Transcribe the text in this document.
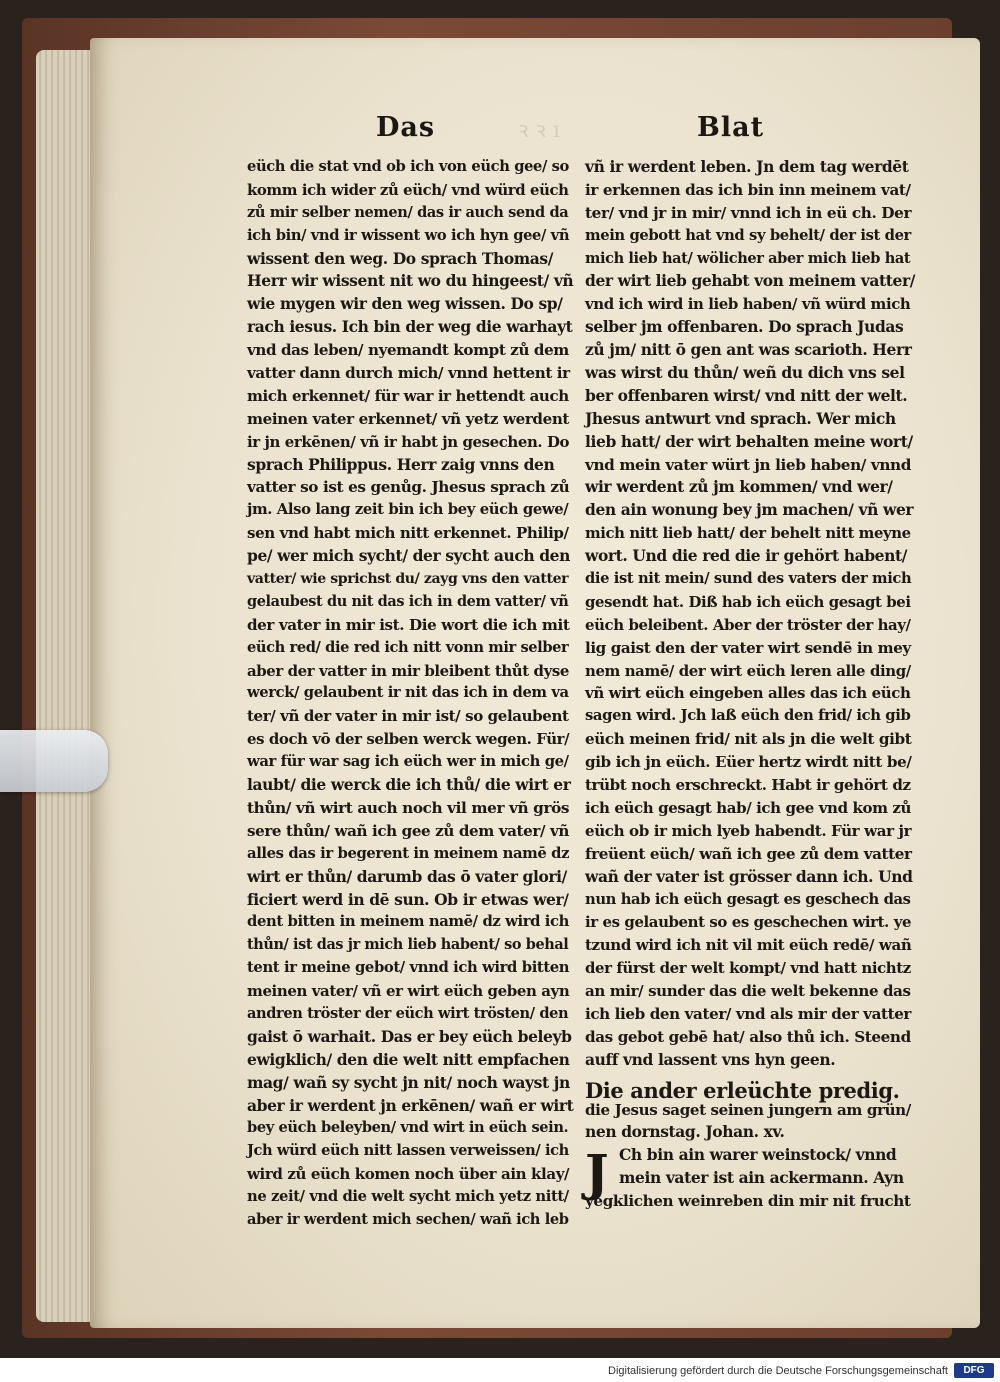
Das	ꝛ ꝛ ı	Blat
eüch die stat vnd ob ich von eüch gee/ so
komm ich wider zů eüch/ vnd würd eüch
zů mir selber nemen/ das ir auch send da
ich bin/ vnd ir wissent wo ich hyn gee/ vñ
wissent den weg. Do sprach Thomas/
Herr wir wissent nit wo du hingeest/ vñ
wie mygen wir den weg wissen. Do sp/
rach iesus. Ich bin der weg die warhayt
vnd das leben/ nyemandt kompt zů dem
vatter dann durch mich/ vnnd hettent ir
mich erkennet/ für war ir hettendt auch
meinen vater erkennet/ vñ yetz werdent
ir jn erkēnen/ vñ ir habt jn gesechen. Do
sprach Philippus. Herr zaig vnns den
vatter so ist es genůg. Jhesus sprach zů
jm. Also lang zeit bin ich bey eüch gewe/
sen vnd habt mich nitt erkennet. Philip/
pe/ wer mich sycht/ der sycht auch den
vatter/ wie sprichst du/ zayg vns den vatter
gelaubest du nit das ich in dem vatter/ vñ
der vater in mir ist. Die wort die ich mit
eüch red/ die red ich nitt vonn mir selber
aber der vatter in mir bleibent thůt dyse
werck/ gelaubent ir nit das ich in dem va
ter/ vñ der vater in mir ist/ so gelaubent
es doch vō der selben werck wegen. Für/
war für war sag ich eüch wer in mich ge/
laubt/ die werck die ich thů/ die wirt er
thůn/ vñ wirt auch noch vil mer vñ grös
sere thůn/ wañ ich gee zů dem vater/ vñ
alles das ir begerent in meinem namē dz
wirt er thůn/ darumb das ō vater glori/
ficiert werd in dē sun. Ob ir etwas wer/
dent bitten in meinem namē/ dz wird ich
thůn/ ist das jr mich lieb habent/ so behal
tent ir meine gebot/ vnnd ich wird bitten
meinen vater/ vñ er wirt eüch geben ayn
andren tröster der eüch wirt trösten/ den
gaist ō warhait. Das er bey eüch beleyb
ewigklich/ den die welt nitt empfachen
mag/ wañ sy sycht jn nit/ noch wayst jn
aber ir werdent jn erkēnen/ wañ er wirt
bey eüch beleyben/ vnd wirt in eüch sein.
Jch würd eüch nitt lassen verweissen/ ich
wird zů eüch komen noch über ain klay/
ne zeit/ vnd die welt sycht mich yetz nitt/
aber ir werdent mich sechen/ wañ ich leb
vñ ir werdent leben. Jn dem tag werdēt
ir erkennen das ich bin inn meinem vat/
ter/ vnd jr in mir/ vnnd ich in eü ch. Der
mein gebott hat vnd sy behelt/ der ist der
mich lieb hat/ wölicher aber mich lieb hat
der wirt lieb gehabt von meinem vatter/
vnd ich wird in lieb haben/ vñ würd mich
selber jm offenbaren. Do sprach Judas
zů jm/ nitt ō gen ant was scarioth. Herr
was wirst du thůn/ weñ du dich vns sel
ber offenbaren wirst/ vnd nitt der welt.
Jhesus antwurt vnd sprach. Wer mich
lieb hatt/ der wirt behalten meine wort/
vnd mein vater würt jn lieb haben/ vnnd
wir werdent zů jm kommen/ vnd wer/
den ain wonung bey jm machen/ vñ wer
mich nitt lieb hatt/ der behelt nitt meyne
wort. Und die red die ir gehört habent/
die ist nit mein/ sund des vaters der mich
gesendt hat. Diß hab ich eüch gesagt bei
eüch beleibent. Aber der tröster der hay/
lig gaist den der vater wirt sendē in mey
nem namē/ der wirt eüch leren alle ding/
vñ wirt eüch eingeben alles das ich eüch
sagen wird. Jch laß eüch den frid/ ich gib
eüch meinen frid/ nit als jn die welt gibt
gib ich jn eüch. Eüer hertz wirdt nitt be/
trübt noch erschreckt. Habt ir gehört dz
ich eüch gesagt hab/ ich gee vnd kom zů
eüch ob ir mich lyeb habendt. Für war jr
freüent eüch/ wañ ich gee zů dem vatter
wañ der vater ist grösser dann ich. Und
nun hab ich eüch gesagt es geschech das
ir es gelaubent so es geschechen wirt. ye
tzund wird ich nit vil mit eüch redē/ wañ
der fürst der welt kompt/ vnd hatt nichtz
an mir/ sunder das die welt bekenne das
ich lieb den vater/ vnd als mir der vatter
das gebot gebē hat/ also thů ich. Steend
auff vnd lassent vns hyn geen.
Die ander erleüchte predig.
die Jesus saget seinen jungern am grün/
nen dornstag. Johan. xv.
J Ch bin ain warer weinstock/ vnnd
mein vater ist ain ackermann. Ayn
yegklichen weinreben din mir nit frucht
Digitalisierung gefördert durch die Deutsche Forschungsgemeinschaft	DFG
